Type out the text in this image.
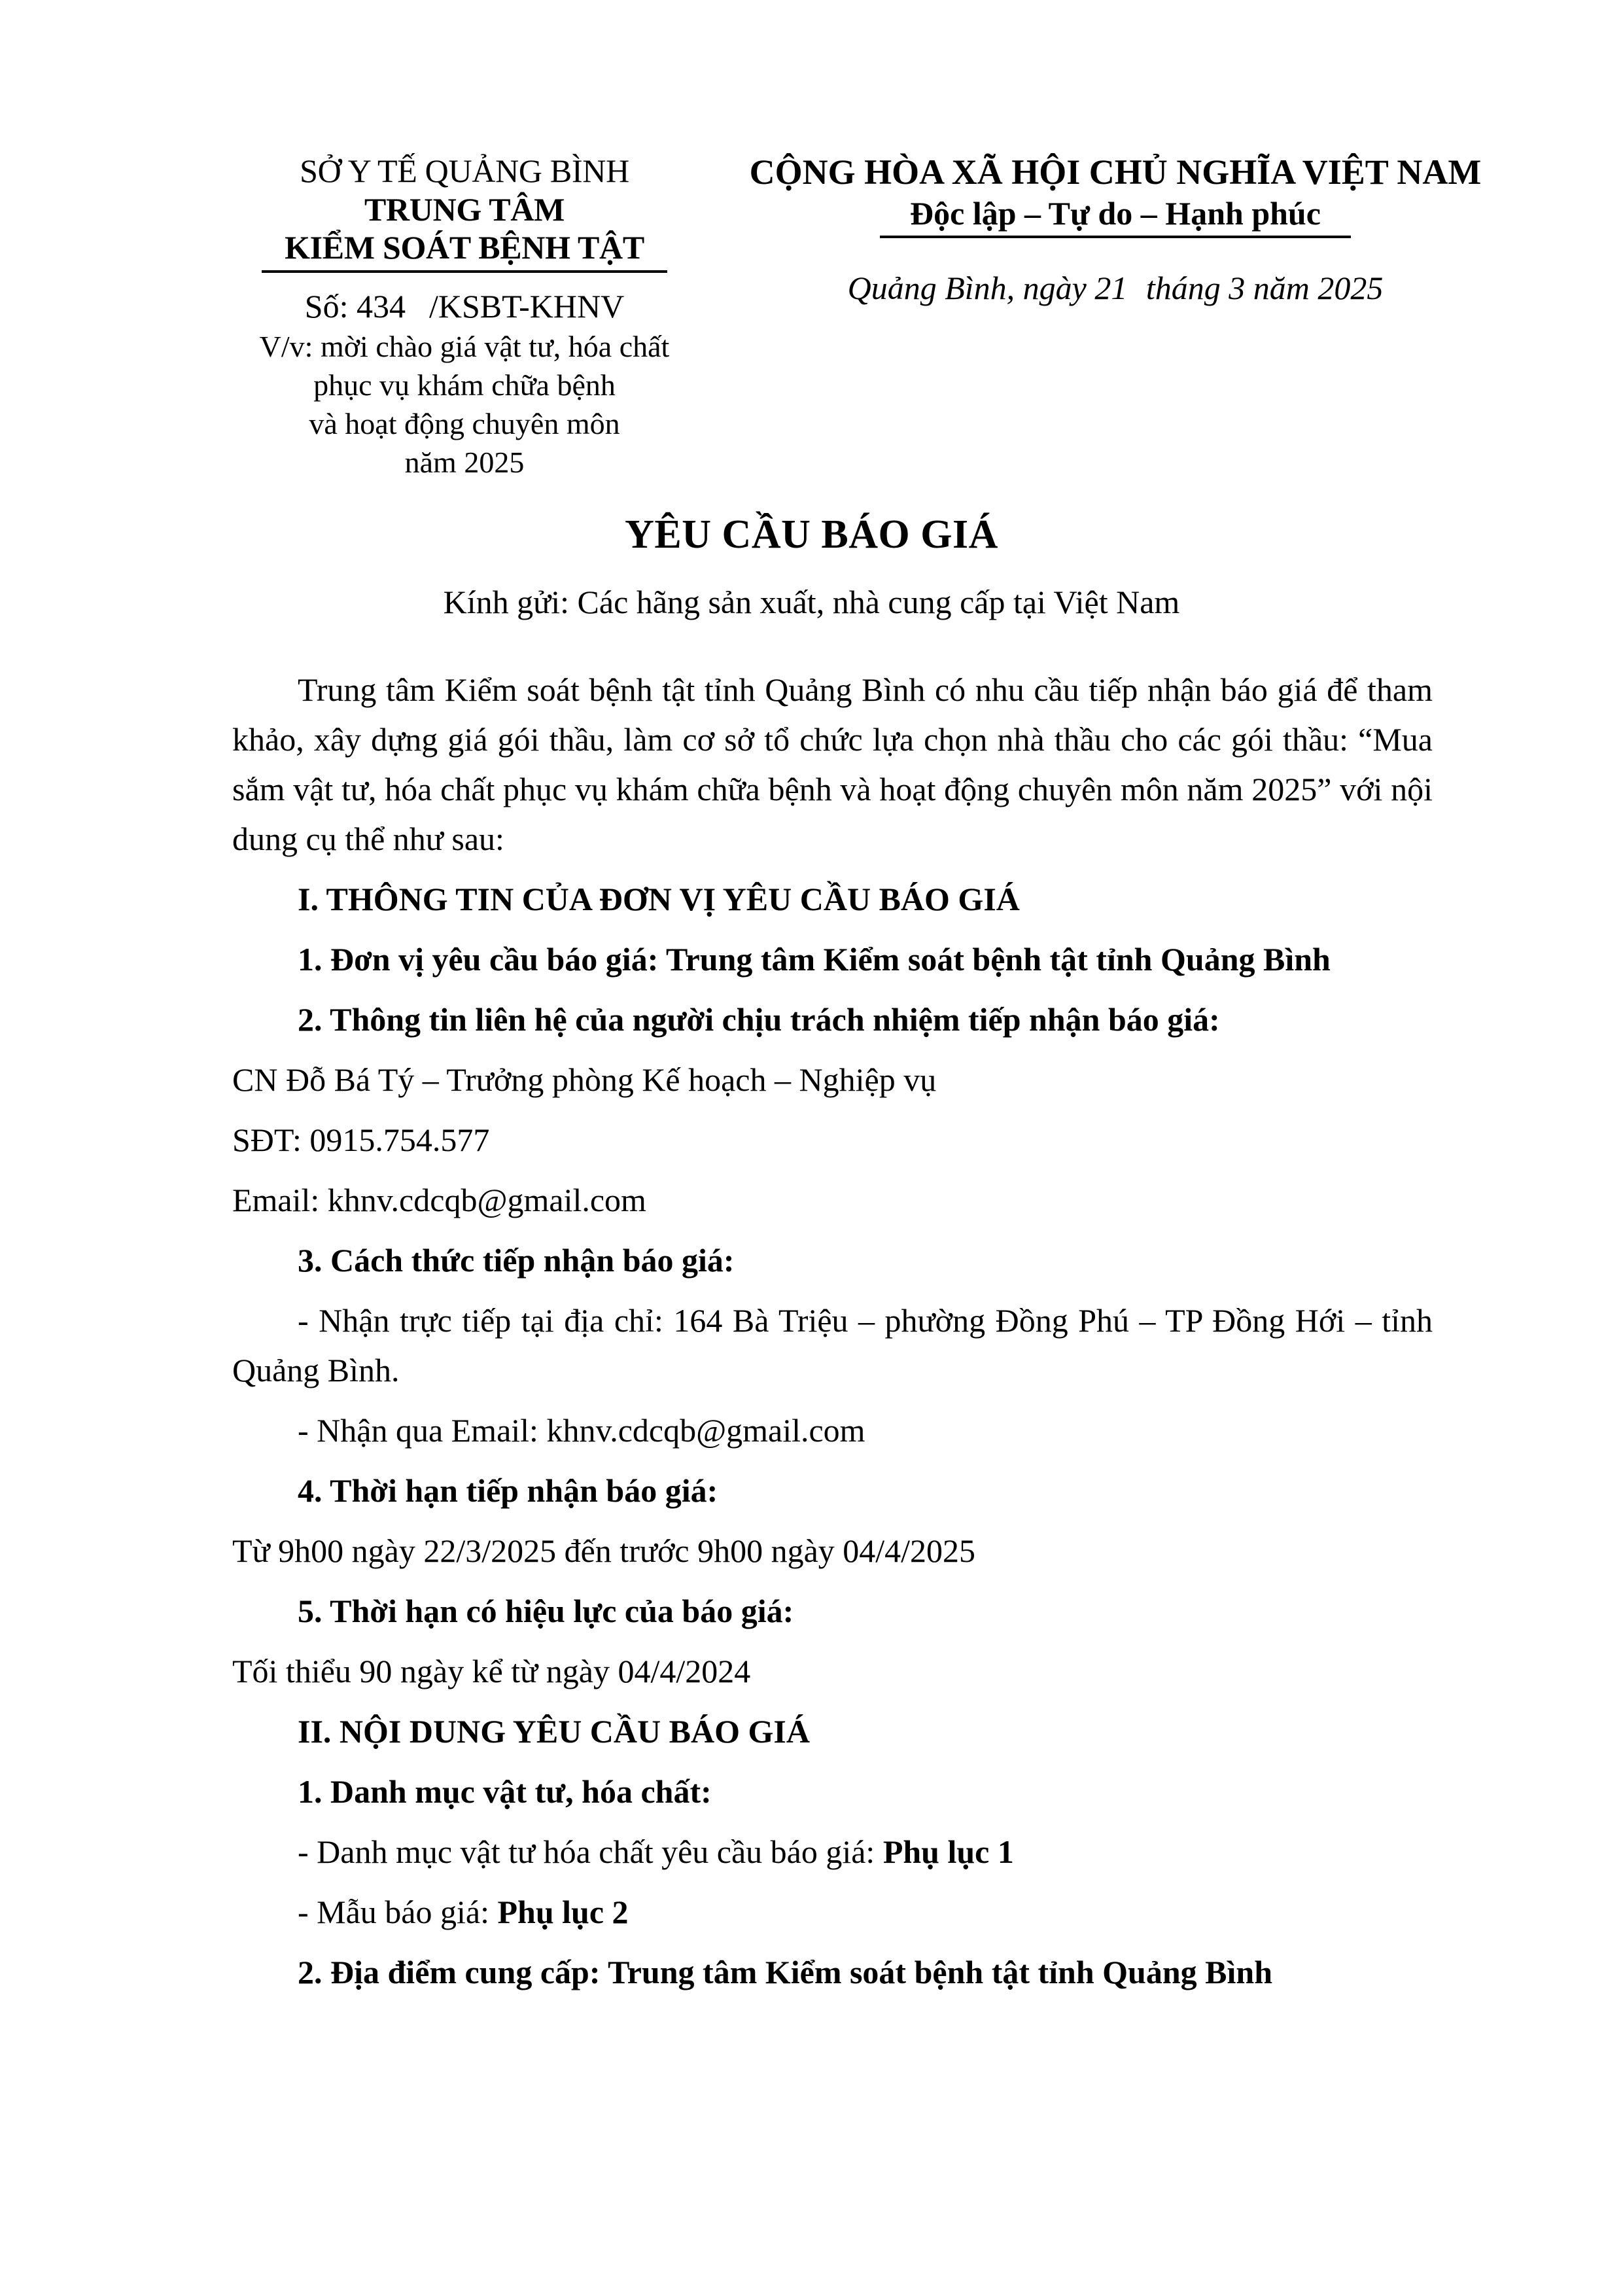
SỞ Y TẾ QUẢNG BÌNH
TRUNG TÂM
KIỂM SOÁT BỆNH TẬT
Số: 434 /KSBT-KHNV
V/v: mời chào giá vật tư, hóa chất
phục vụ khám chữa bệnh
và hoạt động chuyên môn
năm 2025
CỘNG HÒA XÃ HỘI CHỦ NGHĨA VIỆT NAM
Độc lập – Tự do – Hạnh phúc
Quảng Bình, ngày 21 tháng 3 năm 2025
YÊU CẦU BÁO GIÁ
Kính gửi: Các hãng sản xuất, nhà cung cấp tại Việt Nam

Trung tâm Kiểm soát bệnh tật tỉnh Quảng Bình có nhu cầu tiếp nhận báo giá để tham khảo, xây dựng giá gói thầu, làm cơ sở tổ chức lựa chọn nhà thầu cho các gói thầu: “Mua sắm vật tư, hóa chất phục vụ khám chữa bệnh và hoạt động chuyên môn năm 2025” với nội dung cụ thể như sau:

I. THÔNG TIN CỦA ĐƠN VỊ YÊU CẦU BÁO GIÁ

1. Đơn vị yêu cầu báo giá: Trung tâm Kiểm soát bệnh tật tỉnh Quảng Bình

2. Thông tin liên hệ của người chịu trách nhiệm tiếp nhận báo giá:

CN Đỗ Bá Tý – Trưởng phòng Kế hoạch – Nghiệp vụ

SĐT: 0915.754.577

Email: khnv.cdcqb@gmail.com

3. Cách thức tiếp nhận báo giá:

- Nhận trực tiếp tại địa chỉ: 164 Bà Triệu – phường Đồng Phú – TP Đồng Hới – tỉnh Quảng Bình.

- Nhận qua Email: khnv.cdcqb@gmail.com

4. Thời hạn tiếp nhận báo giá:

Từ 9h00 ngày 22/3/2025 đến trước 9h00 ngày 04/4/2025

5. Thời hạn có hiệu lực của báo giá:

Tối thiểu 90 ngày kể từ ngày 04/4/2024

II. NỘI DUNG YÊU CẦU BÁO GIÁ

1. Danh mục vật tư, hóa chất:

- Danh mục vật tư hóa chất yêu cầu báo giá: Phụ lục 1

- Mẫu báo giá: Phụ lục 2

2. Địa điểm cung cấp: Trung tâm Kiểm soát bệnh tật tỉnh Quảng Bình
